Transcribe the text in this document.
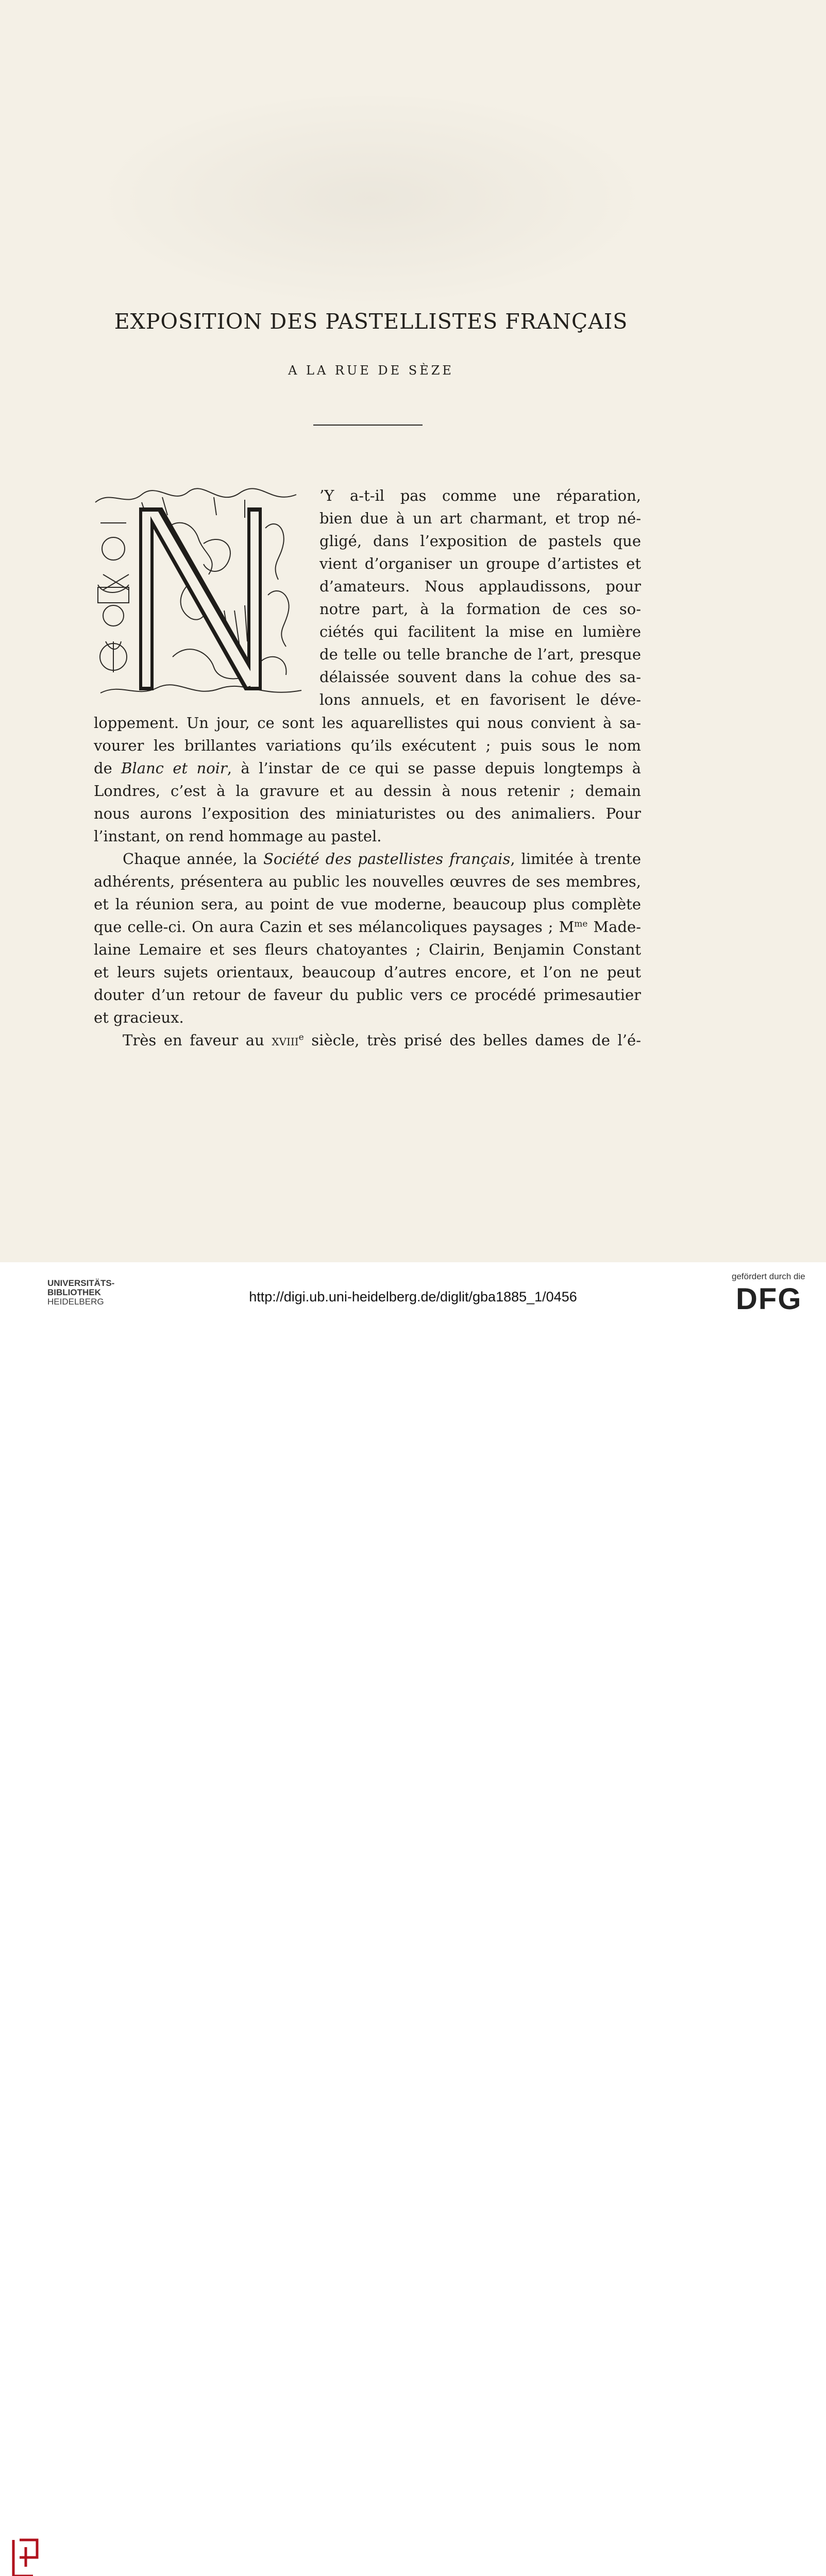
EXPOSITION DES PASTELLISTES FRANÇAIS
A LA RUE DE SÈZE
’Y a-t-il pas comme une réparation,
bien due à un art charmant, et trop né-
gligé, dans l’exposition de pastels que
vient d’organiser un groupe d’artistes et
d’amateurs. Nous applaudissons, pour
notre part, à la formation de ces so-
ciétés qui facilitent la mise en lumière
de telle ou telle branche de l’art, presque
délaissée souvent dans la cohue des sa-
lons annuels, et en favorisent le déve-
loppement. Un jour, ce sont les aquarellistes qui nous convient à sa-
vourer les brillantes variations qu’ils exécutent ; puis sous le nom
de Blanc et noir, à l’instar de ce qui se passe depuis longtemps à
Londres, c’est à la gravure et au dessin à nous retenir ; demain
nous aurons l’exposition des miniaturistes ou des animaliers. Pour
l’instant, on rend hommage au pastel.
Chaque année, la Société des pastellistes français, limitée à trente
adhérents, présentera au public les nouvelles œuvres de ses membres,
et la réunion sera, au point de vue moderne, beaucoup plus complète
que celle-ci. On aura Cazin et ses mélancoliques paysages ; $M^{me}$ Made-
laine Lemaire et ses fleurs chatoyantes ; Clairin, Benjamin Constant
et leurs sujets orientaux, beaucoup d’autres encore, et l’on ne peut
douter d’un retour de faveur du public vers ce procédé primesautier
et gracieux.
Très en faveur au xviii$^e$ siècle, très prisé des belles dames de l’é-
UNIVERSITÄTS-
BIBLIOTHEK
HEIDELBERG	http://digi.ub.uni-heidelberg.de/diglit/gba1885_1/0456
gefördert durch die
DFG
